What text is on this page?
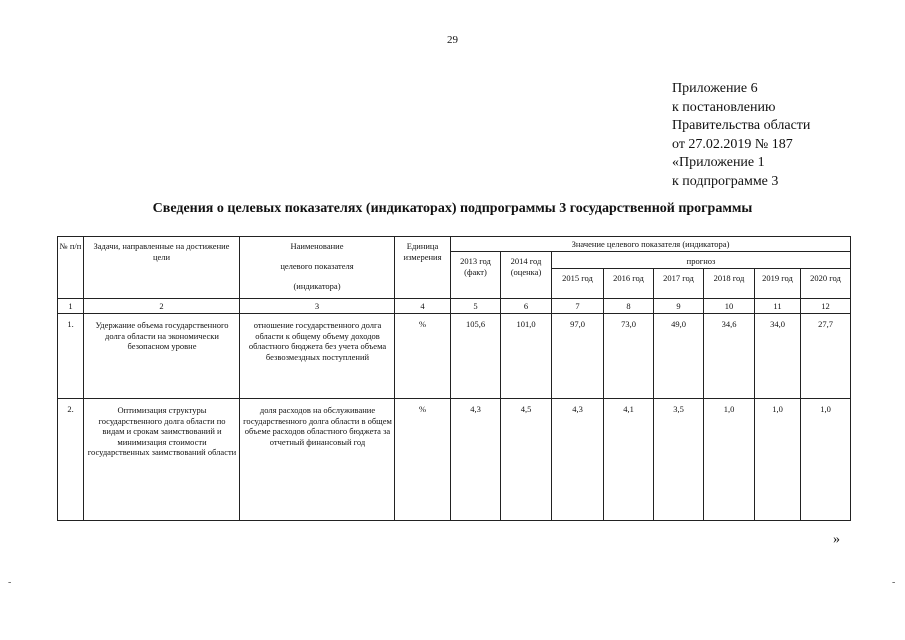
29
Приложение 6
к постановлению
Правительства области
от 27.02.2019 № 187
«Приложение 1
к подпрограмме 3
Сведения о целевых показателях (индикаторах) подпрограммы 3 государственной программы
№ п/п	Задачи, направленные на достижение цели	Наименование
целевого показателя
(индикатора)	Единица измерения	Значение целевого показателя (индикатора)							
				2013 год (факт)	2014 год (оценка)	прогноз					
						2015 год	2016 год	2017 год	2018 год	2019 год	2020 год
1	2	3	4	5	6	7	8	9	10	11	12
1.	Удержание объема государственного долга области на экономически безопасном уровне	отношение государственного долга области к общему объему доходов областного бюджета без учета объема безвозмездных поступлений	%	105,6	101,0	97,0	73,0	49,0	34,6	34,0	27,7
2.	Оптимизация структуры государственного долга области по видам и срокам заимствований и минимизация стоимости государственных заимствований области	доля расходов на обслуживание государственного долга области в общем объеме расходов областного бюджета за отчетный финансовый год	%	4,3	4,5	4,3	4,1	3,5	1,0	1,0	1,0
»
-	-
